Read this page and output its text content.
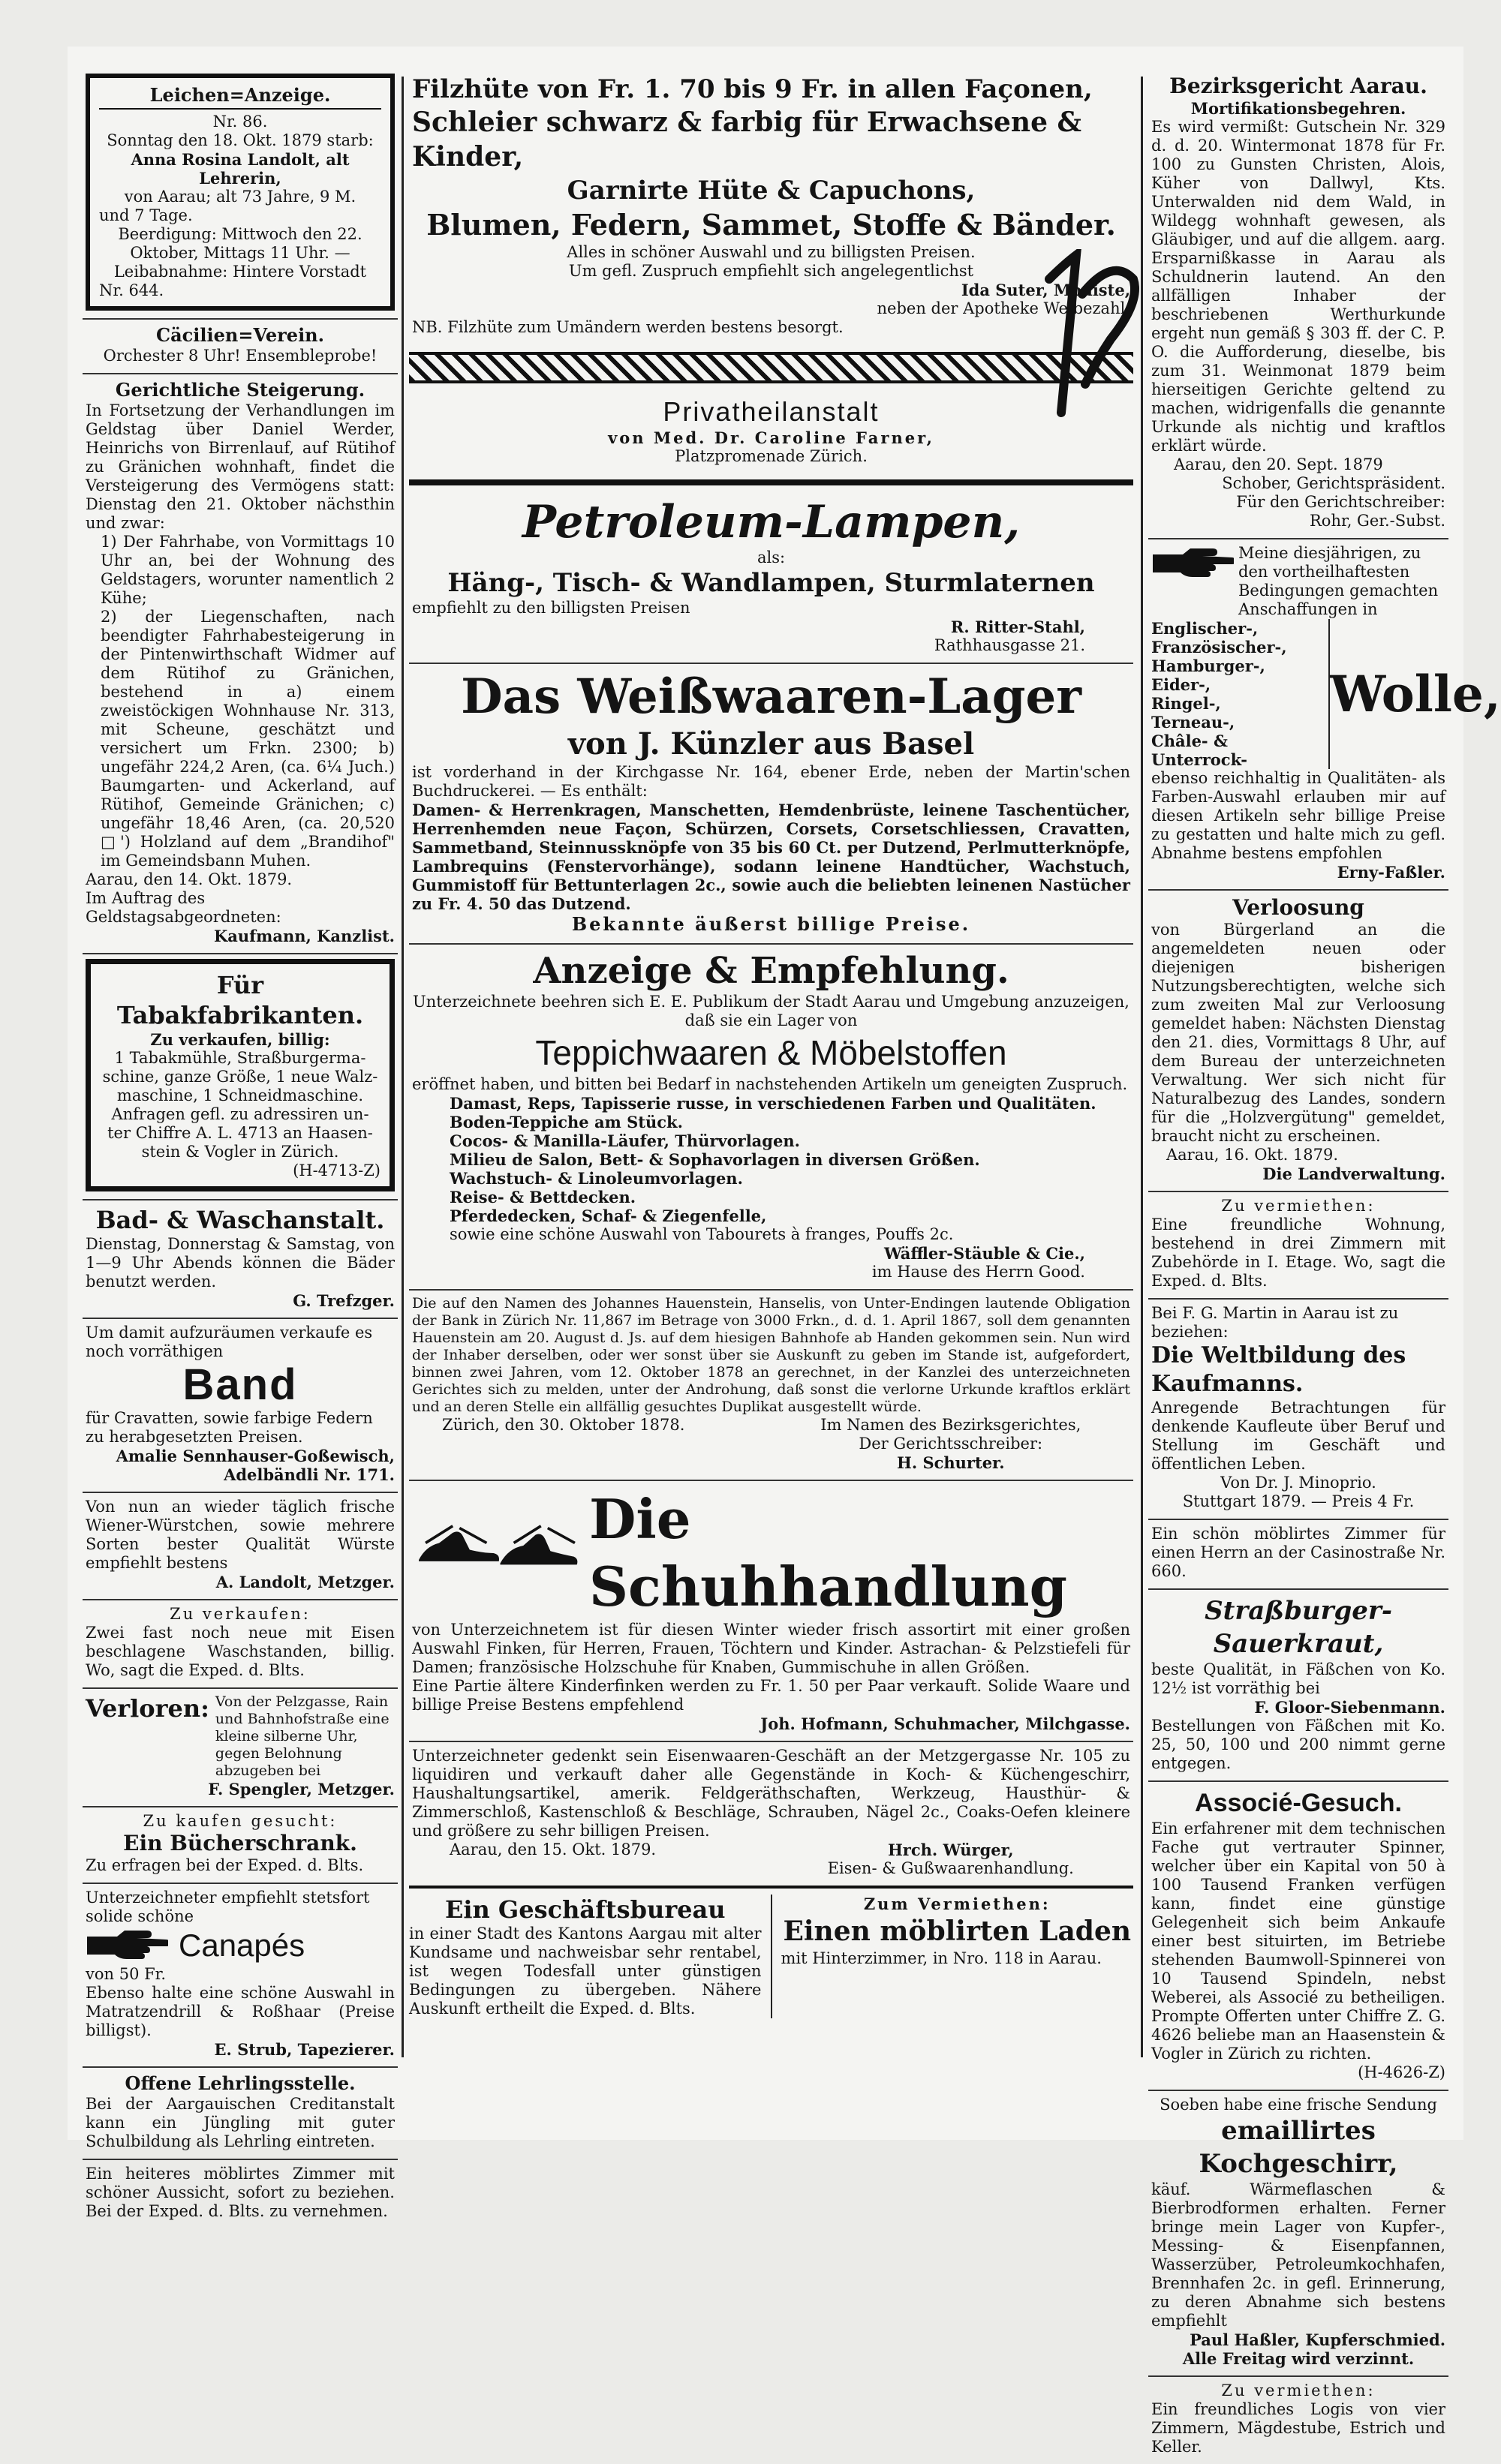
Leichen=Anzeige.

Nr. 86.

Sonntag den 18. Okt. 1879 starb:

Anna Rosina Landolt, alt Lehrerin,

von Aarau; alt 73 Jahre, 9 M.

und 7 Tage.

Beerdigung: Mittwoch den 22.

Oktober, Mittags 11 Uhr. —

Leibabnahme: Hintere Vorstadt

Nr. 644.

Cäcilien=Verein.

Orchester 8 Uhr! Ensembleprobe!

Gerichtliche Steigerung.

In Fortsetzung der Verhandlungen im Geldstag über Daniel Werder, Heinrichs von Birrenlauf, auf Rütihof zu Gränichen wohnhaft, findet die Versteigerung des Vermögens statt: Dienstag den 21. Oktober nächsthin und zwar:

1) Der Fahrhabe, von Vormittags 10 Uhr an, bei der Wohnung des Geldstagers, worunter namentlich 2 Kühe;

2) der Liegenschaften, nach beendigter Fahrhabesteigerung in der Pintenwirthschaft Widmer auf dem Rütihof zu Gränichen, bestehend in a) einem zweistöckigen Wohnhause Nr. 313, mit Scheune, geschätzt und versichert um Frkn. 2300; b) ungefähr 224,2 Aren, (ca. 6¼ Juch.) Baumgarten- und Ackerland, auf Rütihof, Gemeinde Gränichen; c) ungefähr 18,46 Aren, (ca. 20,520 □') Holzland auf dem „Brandihof" im Gemeindsbann Muhen.

Aarau, den 14. Okt. 1879.

Im Auftrag des Geldstagsabgeordneten:

Kaufmann, Kanzlist.

Für Tabakfabrikanten.

Zu verkaufen, billig:

1 Tabakmühle, Straßburgerma- schine, ganze Größe, 1 neue Walz- maschine, 1 Schneidmaschine. Anfragen gefl. zu adressiren un- ter Chiffre A. L. 4713 an Haasen- stein & Vogler in Zürich.

(H-4713-Z)

Bad- & Waschanstalt.

Dienstag, Donnerstag & Samstag, von 1—9 Uhr Abends können die Bäder benutzt werden.

G. Trefzger.

Um damit aufzuräumen verkaufe es noch vorräthigen

Band

für Cravatten, sowie farbige Federn zu herabgesetzten Preisen.

Amalie Sennhauser-Goßewisch, Adelbändli Nr. 171.

Von nun an wieder täglich frische Wiener-Würstchen, sowie mehrere Sorten bester Qualität Würste empfiehlt bestens

A. Landolt, Metzger.

Zu verkaufen:

Zwei fast noch neue mit Eisen beschlagene Waschstanden, billig. Wo, sagt die Exped. d. Blts.

Verloren: Von der Pelzgasse, Rain und Bahnhofstraße eine kleine silberne Uhr, gegen Belohnung abzugeben bei

F. Spengler, Metzger.

Zu kaufen gesucht:

Ein Bücherschrank.

Zu erfragen bei der Exped. d. Blts.

Unterzeichneter empfiehlt stetsfort solide schöne

Canapés

von 50 Fr.

Ebenso halte eine schöne Auswahl in Matratzendrill & Roßhaar (Preise billigst).

E. Strub, Tapezierer.

Offene Lehrlingsstelle.

Bei der Aargauischen Creditanstalt kann ein Jüngling mit guter Schulbildung als Lehrling eintreten.

Ein heiteres möblirtes Zimmer mit schöner Aussicht, sofort zu beziehen. Bei der Exped. d. Blts. zu vernehmen.

Filzhüte von Fr. 1. 70 bis 9 Fr. in allen Façonen,

Schleier schwarz & farbig für Erwachsene & Kinder,

Garnirte Hüte & Capuchons,

Blumen, Federn, Sammet, Stoffe & Bänder.

Alles in schöner Auswahl und zu billigsten Preisen.

Um gefl. Zuspruch empfiehlt sich angelegentlichst

Ida Suter, Modiste,

neben der Apotheke Weibezahl.

NB. Filzhüte zum Umändern werden bestens besorgt.

Privatheilanstalt

von Med. Dr. Caroline Farner,

Platzpromenade Zürich.

Petroleum-Lampen,

als:

Häng-, Tisch- & Wandlampen, Sturmlaternen

empfiehlt zu den billigsten Preisen

R. Ritter-Stahl,

Rathhausgasse 21.

Das Weißwaaren-Lager

von J. Künzler aus Basel

ist vorderhand in der Kirchgasse Nr. 164, ebener Erde, neben der Martin'schen Buchdruckerei. — Es enthält:

Damen- & Herrenkragen, Manschetten, Hemdenbrüste, leinene Taschentücher, Herrenhemden neue Façon, Schürzen, Corsets, Corsetschliessen, Cravatten, Sammetband, Steinnussknöpfe von 35 bis 60 Ct. per Dutzend, Perlmutterknöpfe, Lambrequins (Fenstervorhänge), sodann leinene Handtücher, Wachstuch, Gummistoff für Bettunterlagen 2c., sowie auch die beliebten leinenen Nastücher zu Fr. 4. 50 das Dutzend.

Bekannte äußerst billige Preise.

Anzeige & Empfehlung.

Unterzeichnete beehren sich E. E. Publikum der Stadt Aarau und Umgebung anzuzeigen, daß sie ein Lager von

Teppichwaaren & Möbelstoffen

eröffnet haben, und bitten bei Bedarf in nachstehenden Artikeln um geneigten Zuspruch.

Damast, Reps, Tapisserie russe, in verschiedenen Farben und Qualitäten.

Boden-Teppiche am Stück.

Cocos- & Manilla-Läufer, Thürvorlagen.

Milieu de Salon, Bett- & Sophavorlagen in diversen Größen.

Wachstuch- & Linoleumvorlagen.

Reise- & Bettdecken.

Pferdedecken, Schaf- & Ziegenfelle,

sowie eine schöne Auswahl von Tabourets à franges, Pouffs 2c.

Wäffler-Stäuble & Cie.,

im Hause des Herrn Good.

Die auf den Namen des Johannes Hauenstein, Hanselis, von Unter-Endingen lautende Obligation der Bank in Zürich Nr. 11,867 im Betrage von 3000 Frkn., d. d. 1. April 1867, soll dem genannten Hauenstein am 20. August d. Js. auf dem hiesigen Bahnhofe ab Handen gekommen sein. Nun wird der Inhaber derselben, oder wer sonst über sie Auskunft zu geben im Stande ist, aufgefordert, binnen zwei Jahren, vom 12. Oktober 1878 an gerechnet, in der Kanzlei des unterzeichneten Gerichtes sich zu melden, unter der Androhung, daß sonst die verlorne Urkunde kraftlos erklärt und an deren Stelle ein allfällig gesuchtes Duplikat ausgestellt würde.

Zürich, den 30. Oktober 1878.	Im Namen des Bezirksgerichtes,

Der Gerichtsschreiber:

H. Schurter.

Die Schuhhandlung

von Unterzeichnetem ist für diesen Winter wieder frisch assortirt mit einer großen Auswahl Finken, für Herren, Frauen, Töchtern und Kinder. Astrachan- & Pelzstiefeli für Damen; französische Holzschuhe für Knaben, Gummischuhe in allen Größen.

Eine Partie ältere Kinderfinken werden zu Fr. 1. 50 per Paar verkauft. Solide Waare und billige Preise Bestens empfehlend

Joh. Hofmann, Schuhmacher, Milchgasse.

Unterzeichneter gedenkt sein Eisenwaaren-Geschäft an der Metzgergasse Nr. 105 zu liquidiren und verkauft daher alle Gegenstände in Koch- & Küchengeschirr, Haushaltungsartikel, amerik. Feldgeräthschaften, Werkzeug, Hausthür- & Zimmerschloß, Kastenschloß & Beschläge, Schrauben, Nägel 2c., Coaks-Oefen kleinere und größere zu sehr billigen Preisen.

Aarau, den 15. Okt. 1879.	Hrch. Würger,

Eisen- & Gußwaarenhandlung.

Ein Geschäftsbureau

in einer Stadt des Kantons Aargau mit alter Kundsame und nachweisbar sehr rentabel, ist wegen Todesfall unter günstigen Bedingungen zu übergeben. Nähere Auskunft ertheilt die Exped. d. Blts.

Zum Vermiethen:

Einen möblirten Laden

mit Hinterzimmer, in Nro. 118 in Aarau.

Bezirksgericht Aarau.

Mortifikationsbegehren.

Es wird vermißt: Gutschein Nr. 329 d. d. 20. Wintermonat 1878 für Fr. 100 zu Gunsten Christen, Alois, Küher von Dallwyl, Kts. Unterwalden nid dem Wald, in Wildegg wohnhaft gewesen, als Gläubiger, und auf die allgem. aarg. Ersparnißkasse in Aarau als Schuldnerin lautend. An den allfälligen Inhaber der beschriebenen Werthurkunde ergeht nun gemäß § 303 ff. der C. P. O. die Aufforderung, dieselbe, bis zum 31. Weinmonat 1879 beim hierseitigen Gerichte geltend zu machen, widrigenfalls die genannte Urkunde als nichtig und kraftlos erklärt würde.

Aarau, den 20. Sept. 1879

Schober, Gerichtspräsident.

Für den Gerichtschreiber:

Rohr, Ger.-Subst.

Meine diesjährigen, zu den vortheilhaftesten Bedingungen gemachten Anschaffungen in

Englischer-,

Französischer-,

Hamburger-,

Eider-,

Ringel-,

Terneau-,

Châle- &

Unterrock-

Wolle,

ebenso reichhaltig in Qualitäten- als Farben-Auswahl erlauben mir auf diesen Artikeln sehr billige Preise zu gestatten und halte mich zu gefl. Abnahme bestens empfohlen

Erny-Faßler.

Verloosung

von Bürgerland an die angemeldeten neuen oder diejenigen bisherigen Nutzungsberechtigten, welche sich zum zweiten Mal zur Verloosung gemeldet haben: Nächsten Dienstag den 21. dies, Vormittags 8 Uhr, auf dem Bureau der unterzeichneten Verwaltung. Wer sich nicht für Naturalbezug des Landes, sondern für die „Holzvergütung" gemeldet, braucht nicht zu erscheinen.

Aarau, 16. Okt. 1879.

Die Landverwaltung.

Zu vermiethen:

Eine freundliche Wohnung, bestehend in drei Zimmern mit Zubehörde in I. Etage. Wo, sagt die Exped. d. Blts.

Bei F. G. Martin in Aarau ist zu beziehen:

Die Weltbildung des Kaufmanns.

Anregende Betrachtungen für denkende Kaufleute über Beruf und Stellung im Geschäft und öffentlichen Leben.

Von Dr. J. Minoprio.

Stuttgart 1879. — Preis 4 Fr.

Ein schön möblirtes Zimmer für einen Herrn an der Casinostraße Nr. 660.

Straßburger-Sauerkraut,

beste Qualität, in Fäßchen von Ko. 12½ ist vorräthig bei

F. Gloor-Siebenmann.

Bestellungen von Fäßchen mit Ko. 25, 50, 100 und 200 nimmt gerne entgegen.

Associé-Gesuch.

Ein erfahrener mit dem technischen Fache gut vertrauter Spinner, welcher über ein Kapital von 50 à 100 Tausend Franken verfügen kann, findet eine günstige Gelegenheit sich beim Ankaufe einer best situirten, im Betriebe stehenden Baumwoll-Spinnerei von 10 Tausend Spindeln, nebst Weberei, als Associé zu betheiligen. Prompte Offerten unter Chiffre Z. G. 4626 beliebe man an Haasenstein & Vogler in Zürich zu richten.

(H-4626-Z)

Soeben habe eine frische Sendung

emaillirtes Kochgeschirr,

käuf. Wärmeflaschen & Bierbrodformen erhalten. Ferner bringe mein Lager von Kupfer-, Messing- & Eisenpfannen, Wasserzüber, Petroleumkochhafen, Brennhafen 2c. in gefl. Erinnerung, zu deren Abnahme sich bestens empfiehlt

Paul Haßler, Kupferschmied.

Alle Freitag wird verzinnt.

Zu vermiethen:

Ein freundliches Logis von vier Zimmern, Mägdestube, Estrich und Keller.
